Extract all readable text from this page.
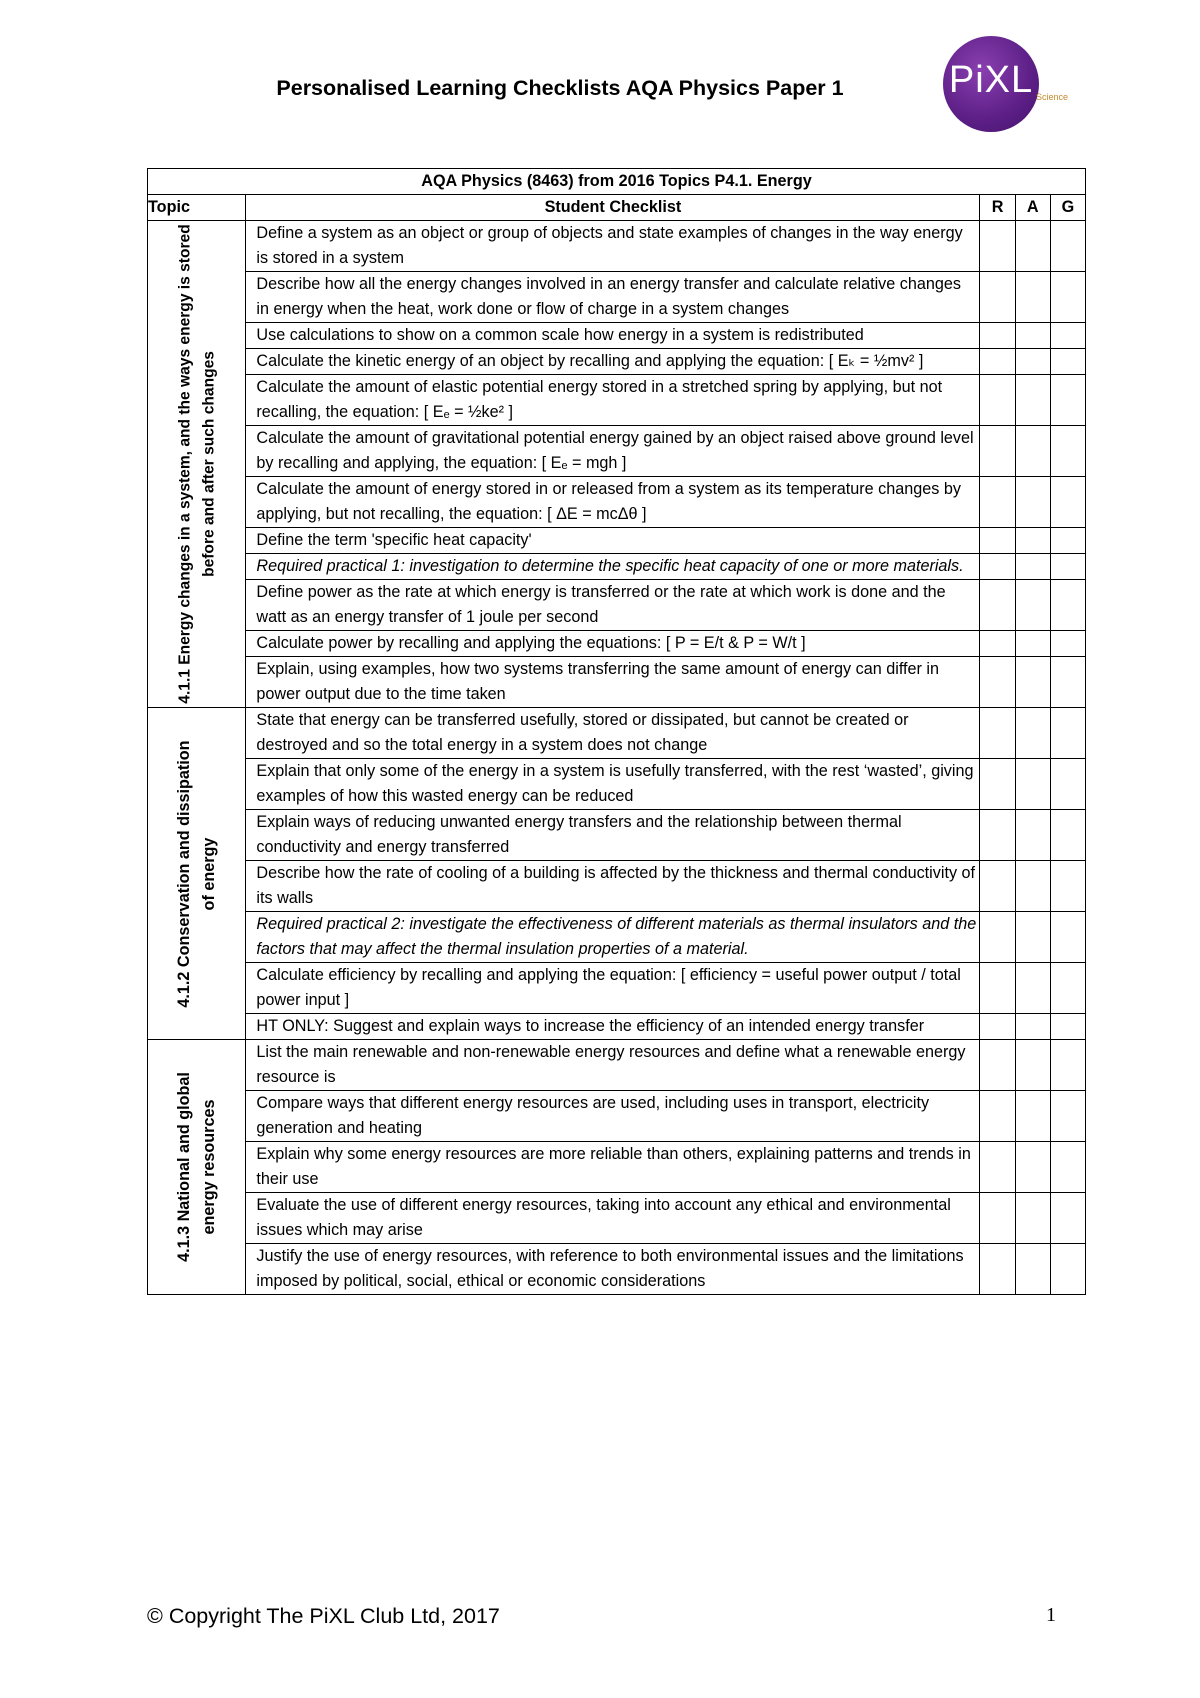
Personalised Learning Checklists AQA Physics Paper 1	PiXL Science
AQA Physics (8463) from 2016 Topics P4.1. Energy				
Topic	Student Checklist	R	A	G

4.1.1 Energy changes in a system, and the ways energy is stored before and after such changes	Define a system as an object or group of objects and state examples of changes in the way energy is stored in a system			
	Describe how all the energy changes involved in an energy transfer and calculate relative changes in energy when the heat, work done or flow of charge in a system changes			
	Use calculations to show on a common scale how energy in a system is redistributed			
	Calculate the kinetic energy of an object by recalling and applying the equation: [ Eₖ = ½mv² ]			
	Calculate the amount of elastic potential energy stored in a stretched spring by applying, but not recalling, the equation: [ Eₑ = ½ke² ]			
	Calculate the amount of gravitational potential energy gained by an object raised above ground level by recalling and applying, the equation: [ Eₑ = mgh ]			
	Calculate the amount of energy stored in or released from a system as its temperature changes by applying, but not recalling, the equation: [ ΔE = mcΔθ ]			
	Define the term 'specific heat capacity'			
	Required practical 1: investigation to determine the specific heat capacity of one or more materials.			
	Define power as the rate at which energy is transferred or the rate at which work is done and the watt as an energy transfer of 1 joule per second			
	Calculate power by recalling and applying the equations: [ P = E/t & P = W/t ]			
	Explain, using examples, how two systems transferring the same amount of energy can differ in power output due to the time taken			

4.1.2 Conservation and dissipation of energy	State that energy can be transferred usefully, stored or dissipated, but cannot be created or destroyed and so the total energy in a system does not change			
	Explain that only some of the energy in a system is usefully transferred, with the rest ‘wasted’, giving examples of how this wasted energy can be reduced			
	Explain ways of reducing unwanted energy transfers and the relationship between thermal conductivity and energy transferred			
	Describe how the rate of cooling of a building is affected by the thickness and thermal conductivity of its walls			
	Required practical 2: investigate the effectiveness of different materials as thermal insulators and the factors that may affect the thermal insulation properties of a material.			
	Calculate efficiency by recalling and applying the equation: [ efficiency = useful power output / total power input ]			
	HT ONLY: Suggest and explain ways to increase the efficiency of an intended energy transfer			

4.1.3 National and global energy resources	List the main renewable and non-renewable energy resources and define what a renewable energy resource is			
	Compare ways that different energy resources are used, including uses in transport, electricity generation and heating			
	Explain why some energy resources are more reliable than others, explaining patterns and trends in their use			
	Evaluate the use of different energy resources, taking into account any ethical and environmental issues which may arise			
	Justify the use of energy resources, with reference to both environmental issues and the limitations imposed by political, social, ethical or economic considerations			
© Copyright The PiXL Club Ltd, 2017	1
